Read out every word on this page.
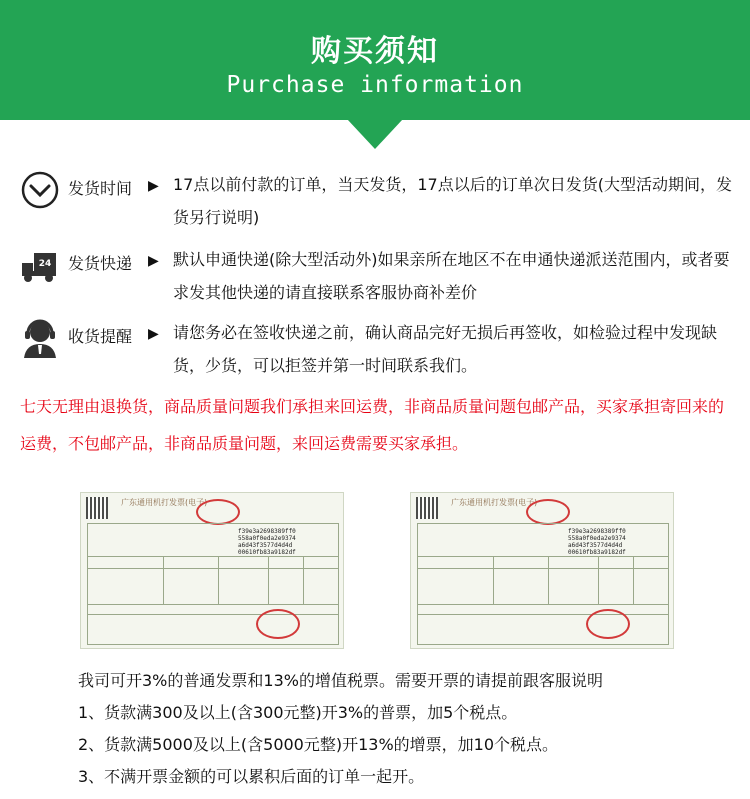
购买须知
Purchase information
发货时间 ▶ 17点以前付款的订单，当天发货，17点以后的订单次日发货(大型活动期间，发货另行说明)
24 发货快递 ▶ 默认申通快递(除大型活动外)如果亲所在地区不在申通快递派送范围内，或者要求发其他快递的请直接联系客服协商补差价
收货提醒 ▶ 请您务必在签收快递之前，确认商品完好无损后再签收，如检验过程中发现缺货，少货，可以拒签并第一时间联系我们。
七天无理由退换货，商品质量问题我们承担来回运费，非商品质量问题包邮产品，买家承担寄回来的运费，不包邮产品，非商品质量问题，来回运费需要买家承担。
广东通用机打发票(电子)
f39e3a2698389ff0
558a0f0eda2e9374
a6d43f3577d4d4d
00610fb83a9182df
广东通用机打发票(电子)
f39e3a2698389ff0
558a0f0eda2e9374
a6d43f3577d4d4d
00610fb83a9182df
我司可开3%的普通发票和13%的增值税票。需要开票的请提前跟客服说明
1、货款满300及以上(含300元整)开3%的普票，加5个税点。
2、货款满5000及以上(含5000元整)开13%的增票，加10个税点。
3、不满开票金额的可以累积后面的订单一起开。
